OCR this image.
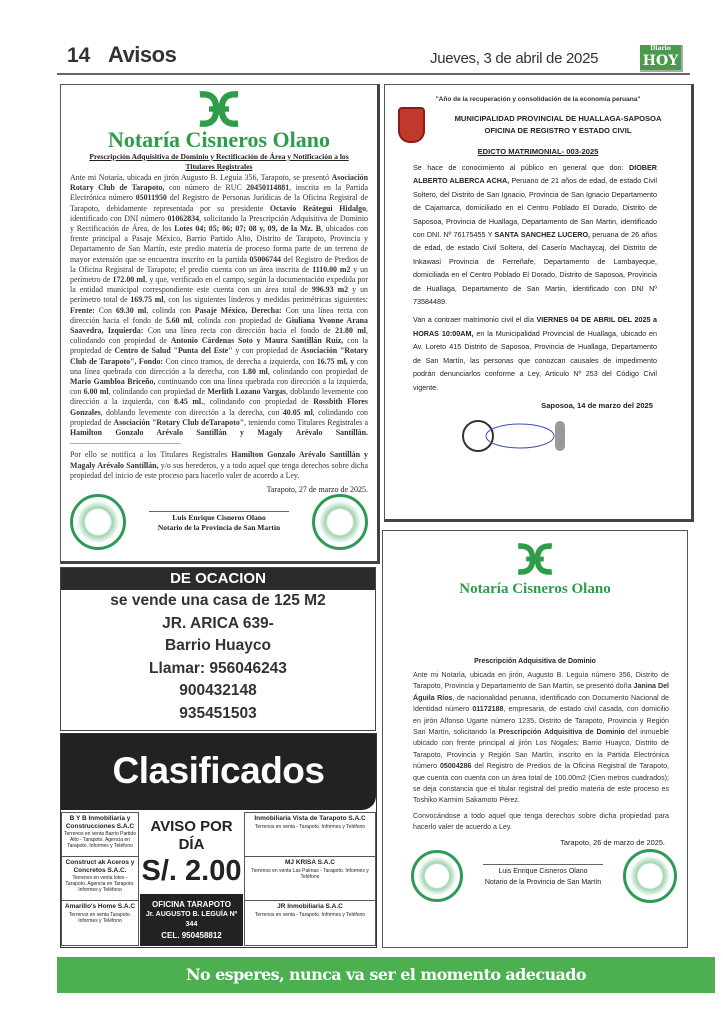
14 Avisos	Jueves, 3 de abril de 2025
Diario
HOY
Notaría Cisneros Olano
Prescripción Adquisitiva de Dominio y Rectificación de Área y Notificación a los Titulares Registrales

Ante mi Notaría, ubicada en jirón Augusto B. Leguía 356, Tarapoto, se presentó Asociación Rotary Club de Tarapoto, con número de RUC 20450114881, inscrita en la Partida Electrónica número 05011950 del Registro de Personas Jurídicas de la Oficina Registral de Tarapoto, debidamente representada por su presidente Octavio Reátegui Hidalgo, identificado con DNI número 01062834, solicitando la Prescripción Adquisitiva de Dominio y Rectificación de Área, de los Lotes 04; 05; 06; 07; 08 y, 09, de la Mz. B, ubicados con frente principal a Pasaje México, Barrio Partido Alto, Distrito de Tarapoto, Provincia y Departamento de San Martín, este predio materia de proceso forma parte de un terreno de mayor extensión que se encuentra inscrito en la partida 05006744 del Registro de Predios de la Oficina Registral de Tarapoto; el predio cuenta con un área inscrita de 1110.00 m2 y un perímetro de 172.00 ml, y que, verificado en el campo, según la documentación expedida por la entidad municipal correspondiente este cuenta con un área total de 996.93 m2 y un perímetro total de 169.75 ml, con los siguientes linderos y medidas perimétricas siguientes: Frente: Con 69.30 ml, colinda con Pasaje México, Derecha: Con una línea recta con dirección hacia el fondo de 5.60 ml, colinda con propiedad de Giuliana Yvonne Arana Saavedra, Izquierda: Con una línea recta con dirección hacia el fondo de 21.80 ml, colindando con propiedad de Antonio Cárdenas Soto y Maura Santillán Ruiz, con la propiedad de Centro de Salud "Punta del Este" y con propiedad de Asociación "Rotary Club de Tarapoto", Fondo: Con cinco tramos, de derecha a izquierda, con 16.75 ml, y con una línea quebrada con dirección a la derecha, con 1.80 ml, colindando con propiedad de Mario Gambloa Briceño, continuando con una línea quebrada con dirección a la izquierda, con 6.00 ml, colindando con propiedad de Merlith Lozano Vargas, doblando levemente con dirección a la izquierda, con 8.45 ml., colindando con propiedad de Rossbith Flores Gonzales, doblando levemente con dirección a la derecha, con 40.05 ml, colindando con propiedad de Asociación "Rotary Club deTarapoto", teniendo como Titulares Registrales a Hamilton Gonzalo Arévalo Santillán y Magaly Arévalo Santillán. ——————————————

Por ello se notifica a los Titulares Registrales Hamilton Gonzalo Arévalo Santillán y Magaly Arévalo Santillán, y/o sus herederos, y a todo aquel que tenga derechos sobre dicha propiedad del inicio de este proceso para hacerlo valer de acuerdo a Ley.

Tarapoto, 27 de marzo de 2025.
Luis Enrique Cisneros Olano
Notario de la Provincia de San Martín
"Año de la recuperación y consolidación de la economía peruana"
MUNICIPALIDAD PROVINCIAL DE HUALLAGA-SAPOSOA
OFICINA DE REGISTRO Y ESTADO CIVIL
EDICTO MATRIMONIAL- 003-2025

Se hace de conocimiento al público en general que don: DIOBER ALBERTO ALBERCA ACHA, Peruano de 21 años de edad, de estado Civil Soltero, del Distrito de San Ignacio, Provincia de San Ignacio Departamento de Cajamarca, domiciliado en el Centro Poblado El Dorado, Distrito de Saposoa, Provincia de Huallaga, Departamento de San Martin, identificado con DNI. Nº 76175455 Y SANTA SANCHEZ LUCERO, peruana de 26 años de edad, de estado Civil Soltera, del Caserío Machaycaj, del Distrito de Inkawasi Provincia de Ferreñafe, Departamento de Lambayeque, domiciliada en el Centro Poblado El Dorado, Distrito de Saposoa, Provincia de Huallaga, Departamento de San Martin, identificado con DNI Nº 73584489.

Van a contraer matrimonio civil el día VIERNES 04 DE ABRIL DEL 2025 a HORAS 10:00AM, en la Municipalidad Provincial de Huallaga, ubicado en Av. Loreto 415 Distrito de Saposoa, Provincia de Huallaga, Departamento de San Martín, las personas que conozcan causales de impedimento podrán denunciarlos conforme a Ley, Articulo Nº 253 del Código Civil vigente.

Saposoa, 14 de marzo del 2025
Notaría Cisneros Olano
Prescripción Adquisitiva de Dominio

Ante mi Notaría, ubicada en jirón, Augusto B. Leguía número 356, Distrito de Tarapoto, Provincia y Departamento de San Martín, se presentó doña Janina Del Águila Ríos, de nacionalidad peruana, identificado con Documento Nacional de Identidad número 01172188, empresaria, de estado civil casada, con domicilio en jirón Alfonso Ugarte número 1235, Distrito de Tarapoto, Provincia y Región San Martín, solicitando la Prescripción Adquisitiva de Dominio del inmueble ubicado con frente principal al jirón Los Nogales; Barrio Huayco, Distrito de Tarapoto, Provincia y Región San Martín, inscrito en la Partida Electrónica número 05004286 del Registro de Predios de la Oficina Registral de Tarapoto, que cuenta con cuenta con un área total de 100.00m2 (Cien metros cuadrados); se deja constancia que el titular registral del predio materia de este proceso es Toshiko Karmim Sakamoto Pérez.

Convocándose a todo aquel que tenga derechos sobre dicha propiedad para hacerlo valer de acuerdo a Ley.

Tarapoto, 26 de marzo de 2025.
Luis Enrique Cisneros Olano
Notario de la Provincia de San Martín
DE OCACION
se vende una casa de 125 M2
JR. ARICA 639-
Barrio Huayco
Llamar: 956046243
900432148
935451503
Clasificados
B Y B Inmobiliaria y Construcciones S.A.C
Terrenos en venta Barrio Partido Alto - Tarapoto. Agencia en Tarapoto. Informes y Teléfono
Construct ak Aceros y Concretos S.A.C.
Terrenos en venta lotes - Tarapoto. Agencia en Tarapoto. Informes y Teléfono
Amarillo's Home S.A.C
Terrenos en venta Tarapoto. Informes y Teléfono
AVISO POR DÍA
S/. 2.00
OFICINA TARAPOTO
Jr. AUGUSTO B. LEGUÍA Nº 344
CEL. 950458812
Inmobiliaria Vista de Tarapoto S.A.C
Terrenos en venta - Tarapoto. Informes y Teléfono
MJ KRISA S.A.C
Terrenos en venta Las Palmas - Tarapoto. Informes y Teléfono
JR Inmobiliaria S.A.C
Terrenos en venta - Tarapoto. Informes y Teléfono
No esperes, nunca va ser el momento adecuado
